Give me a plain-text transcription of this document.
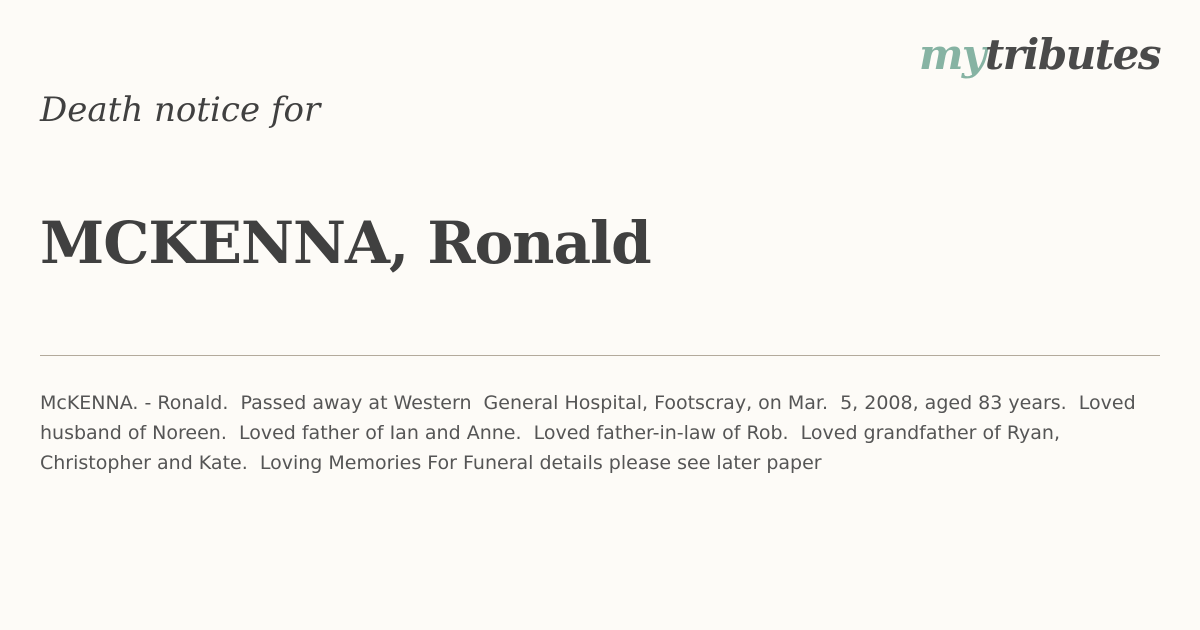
mytributes
Death notice for
MCKENNA, Ronald
McKENNA. - Ronald.  Passed away at Western  General Hospital, Footscray, on Mar.  5, 2008, aged 83 years.  Loved husband of Noreen.  Loved father of Ian and Anne.  Loved father-in-law of Rob.  Loved grandfather of Ryan, Christopher and Kate.  Loving Memories For Funeral details please see later paper
